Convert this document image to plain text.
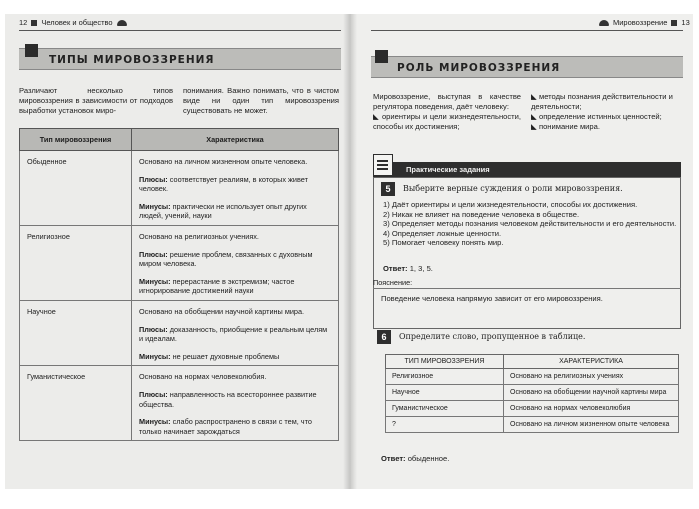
12 Человек и общество
ТИПЫ МИРОВОЗЗРЕНИЯ
Различают несколько типов мировоззрения в зависимости от подходов выработки установок миро-
понимания. Важно понимать, что в чистом виде ни один тип мировоззрения существовать не может.
Тип мировоззрения	Характеристика
Обыденное	Основано на личном жизненном опыте человека.
Плюсы: соответствует реалиям, в которых живет человек.
Минусы: практически не использует опыт других людей, учений, науки

Религиозное	Основано на религиозных учениях.
Плюсы: решение проблем, связанных с духовным миром человека.
Минусы: перерастание в экстремизм; частое игнорирование достижений науки

Научное	Основано на обобщении научной картины мира.
Плюсы: доказанность, приобщение к реальным целям и идеалам.
Минусы: не решает духовные проблемы

Гуманистическое	Основано на нормах человеколюбия.
Плюсы: направленность на всестороннее развитие общества.
Минусы: слабо распространено в связи с тем, что только начинает зарождаться
Мировоззрение 13
РОЛЬ МИРОВОЗЗРЕНИЯ
Мировоззрение, выступая в качестве регулятора поведения, даёт человеку:
◣ ориентиры и цели жизнедеятельности, способы их достижения;
◣ методы познания действительности и деятельности;
◣ определение истинных ценностей;
◣ понимание мира.
Практические задания
5	Выберите верные суждения о роли мировоззрения.
1) Даёт ориентиры и цели жизнедеятельности, способы их достижения.
2) Никак не влияет на поведение человека в обществе.
3) Определяет методы познания человеком действительности и его деятельности.
4) Определяет ложные ценности.
5) Помогает человеку понять мир.
Ответ: 1, 3, 5.
Пояснение:
Поведение человека напрямую зависит от его мировоззрения.
6	Определите слово, пропущенное в таблице.
ТИП МИРОВОЗЗРЕНИЯ	ХАРАКТЕРИСТИКА
Религиозное	Основано на религиозных учениях
Научное	Основано на обобщении научной картины мира
Гуманистическое	Основано на нормах человеколюбия
?	Основано на личном жизненном опыте человека
Ответ: обыденное.
